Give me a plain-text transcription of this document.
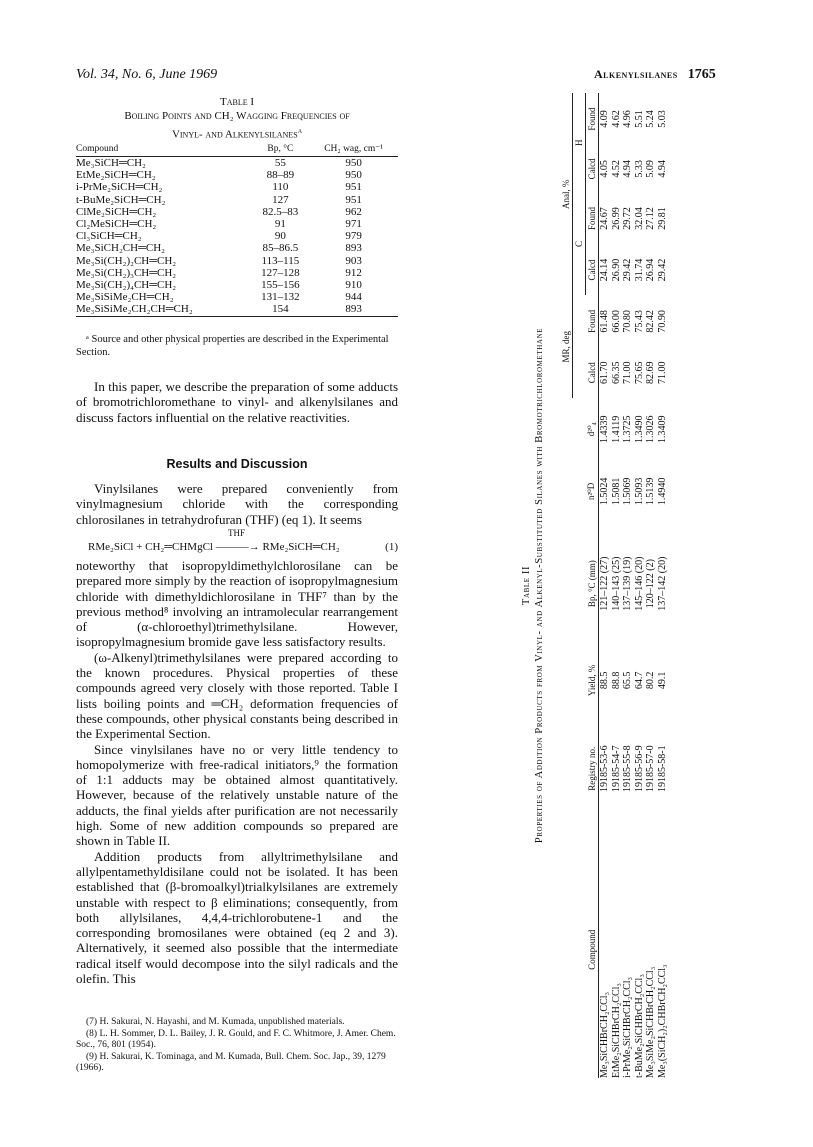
Vol. 34, No. 6, June 1969	Alkenylsilanes 1765
Table I
Boiling Points and CH₂ Wagging Frequencies of
Vinyl- and Alkenylsilanes$^a$
Compound	Bp, °C	CH₂ wag, cm⁻¹
Me₃SiCH═CH₂	55	950
EtMe₂SiCH═CH₂	88–89	950
i-PrMe₂SiCH═CH₂	110	951
t-BuMe₂SiCH═CH₂	127	951
ClMe₂SiCH═CH₂	82.5–83	962
Cl₂MeSiCH═CH₂	91	971
Cl₃SiCH═CH₂	90	979
Me₃SiCH₂CH═CH₂	85–86.5	893
Me₃Si(CH₂)₂CH═CH₂	113–115	903
Me₃Si(CH₂)₃CH═CH₂	127–128	912
Me₃Si(CH₂)₄CH═CH₂	155–156	910
Me₃SiSiMe₂CH═CH₂	131–132	944
Me₃SiSiMe₂CH₂CH═CH₂	154	893
ᵃ Source and other physical properties are described in the Experimental Section.
In this paper, we describe the preparation of some adducts of bromotrichloromethane to vinyl- and alkenylsilanes and discuss factors influential on the relative reactivities.
Results and Discussion
Vinylsilanes were prepared conveniently from vinylmagnesium chloride with the corresponding chlorosilanes in tetrahydrofuran (THF) (eq 1). It seems
THF
RMe₂SiCl + CH₂═CHMgCl ———→ RMe₂SiCH═CH₂	(1)

noteworthy that isopropyldimethylchlorosilane can be prepared more simply by the reaction of isopropylmagnesium chloride with dimethyldichlorosilane in THF⁷ than by the previous method⁸ involving an intramolecular rearrangement of (α-chloroethyl)trimethylsilane. However, isopropylmagnesium bromide gave less satisfactory results.

(ω-Alkenyl)trimethylsilanes were prepared according to the known procedures. Physical properties of these compounds agreed very closely with those reported. Table I lists boiling points and ═CH₂ deformation frequencies of these compounds, other physical constants being described in the Experimental Section.

Since vinylsilanes have no or very little tendency to homopolymerize with free-radical initiators,⁹ the formation of 1:1 adducts may be obtained almost quantitatively. However, because of the relatively unstable nature of the adducts, the final yields after purification are not necessarily high. Some of new addition compounds so prepared are shown in Table II.

Addition products from allyltrimethylsilane and allylpentamethyldisilane could not be isolated. It has been established that (β-bromoalkyl)trialkylsilanes are extremely unstable with respect to β eliminations; consequently, from both allylsilanes, 4,4,4-trichlorobutene-1 and the corresponding bromosilanes were obtained (eq 2 and 3). Alternatively, it seemed also possible that the intermediate radical itself would decompose into the silyl radicals and the olefin. This

(7) H. Sakurai, N. Hayashi, and M. Kumada, unpublished materials.
(8) L. H. Sommer, D. L. Bailey, J. R. Gould, and F. C. Whitmore, J. Amer. Chem. Soc., 76, 801 (1954).
(9) H. Sakurai, K. Tominaga, and M. Kumada, Bull. Chem. Soc. Jap., 39, 1279 (1966).
Table II Properties of Addition Products from Vinyl- and Alkenyl-Substituted Silanes with Bromotrichloromethane
						MR, deg		Anal, %			
								C		H	
Compound	Registry no.	Yield, %	Bp, °C (mm)	n²⁰D	d²⁰₄	Calcd	Found	Calcd	Found	Calcd	Found
Me₃SiCHBrCH₂CCl₃	19185-53-6	88.5	121–122 (27)	1.5024	1.4339	61.70	61.48	24.14	24.67	4.05	4.09
EtMe₂SiCHBrCH₂CCl₃	19185-54-7	88.8	140–143 (25)	1.5081	1.4119	66.35	66.00	26.90	26.99	4.52	4.62
i-PrMe₂SiCHBrCH₂CCl₃	19185-55-8	65.5	137–139 (19)	1.5069	1.3725	71.00	70.80	29.42	29.72	4.94	4.96
t-BuMe₂SiCHBrCH₂CCl₃	19185-56-9	64.7	145–146 (20)	1.5093	1.3490	75.65	75.43	31.74	32.04	5.33	5.51
Me₃SiMe₂SiCHBrCH₂CCl₃	19185-57-0	80.2	120–122 (2)	1.5139	1.3026	82.69	82.42	26.94	27.12	5.09	5.24
Me₃(SiCH₂)₂CHBrCH₂CCl₃	19185-58-1	49.1	137–142 (20)	1.4940	1.3409	71.00	70.90	29.42	29.81	4.94	5.03
